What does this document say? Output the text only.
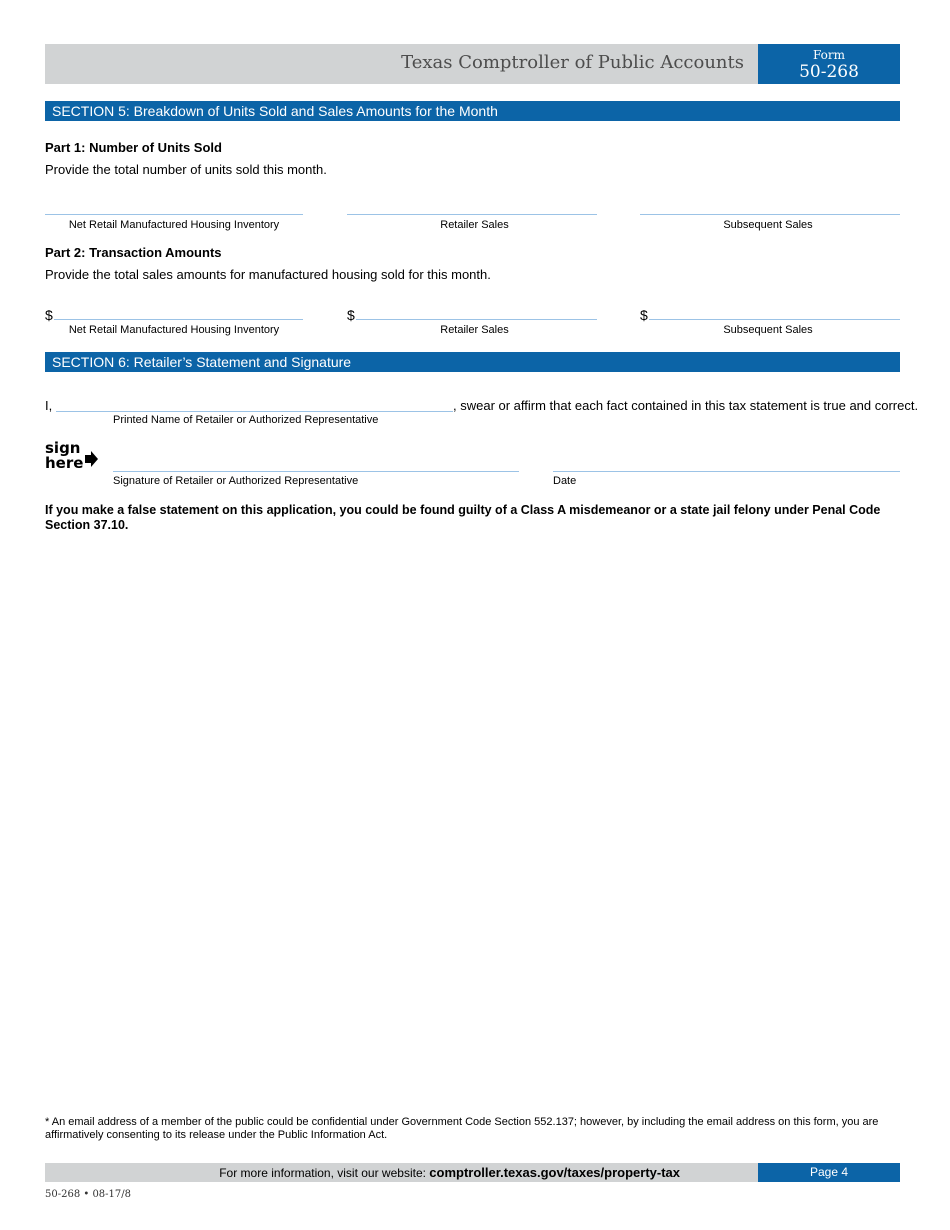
Texas Comptroller of Public Accounts	Form
50-268
SECTION 5: Breakdown of Units Sold and Sales Amounts for the Month
Part 1: Number of Units Sold
Provide the total number of units sold this month.
Net Retail Manufactured Housing Inventory	Retailer Sales	Subsequent Sales
Part 2: Transaction Amounts
Provide the total sales amounts for manufactured housing sold for this month.
$	$	$
Net Retail Manufactured Housing Inventory	Retailer Sales	Subsequent Sales
SECTION 6: Retailer’s Statement and Signature
I,	, swear or affirm that each fact contained in this tax statement is true and correct.
Printed Name of Retailer or Authorized Representative
sign
here
Signature of Retailer or Authorized Representative	Date
If you make a false statement on this application, you could be found guilty of a Class A misdemeanor or a state jail felony under Penal Code Section 37.10.
* An email address of a member of the public could be confidential under Government Code Section 552.137; however, by including the email address on this form, you are affirmatively consenting to its release under the Public Information Act.
For more information, visit our website: comptroller.texas.gov/taxes/property-tax	Page 4
50-268 • 08-17/8
